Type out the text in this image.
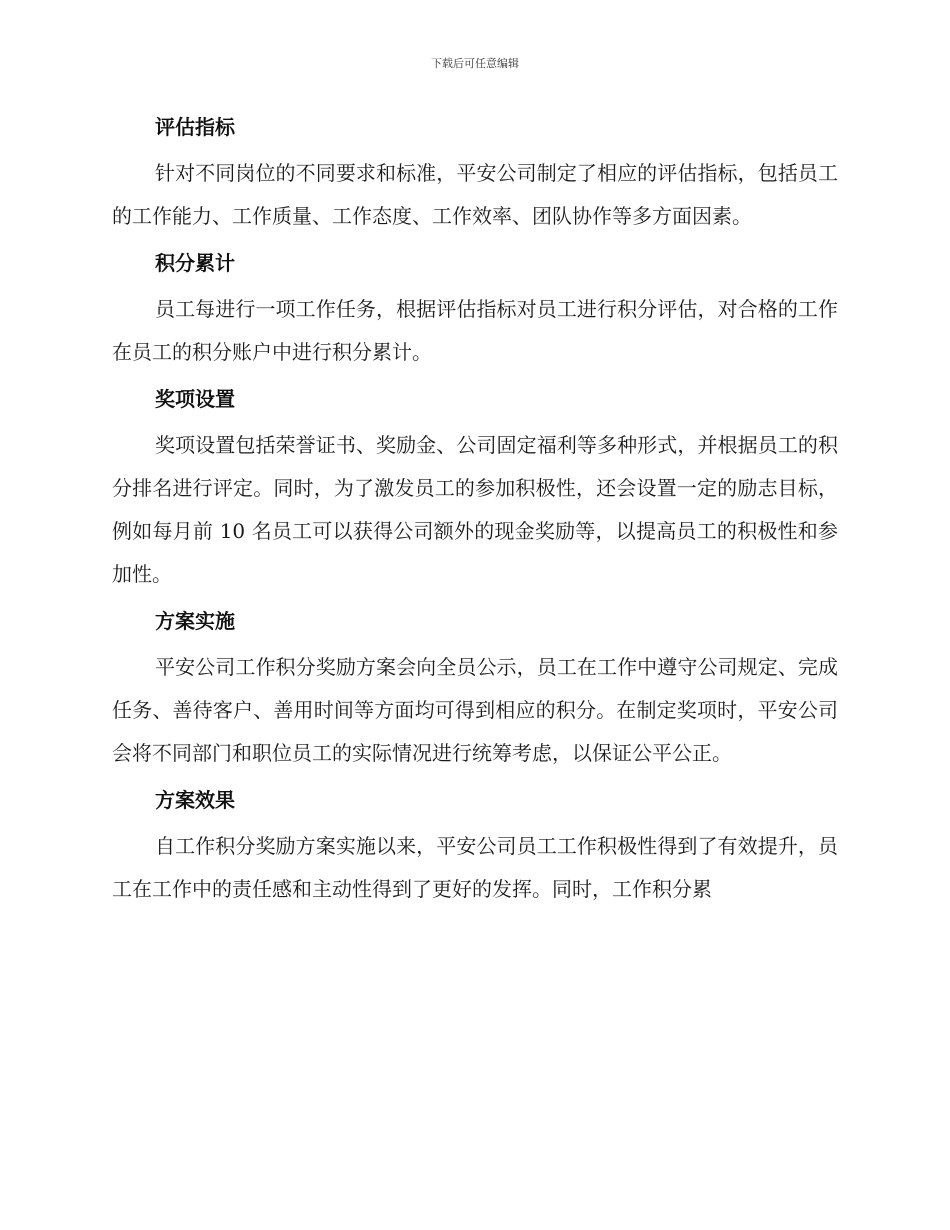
下载后可任意编辑
评估指标

针对不同岗位的不同要求和标准，平安公司制定了相应的评估指标，包括员工的工作能力、工作质量、工作态度、工作效率、团队协作等多方面因素。

积分累计

员工每进行一项工作任务，根据评估指标对员工进行积分评估，对合格的工作在员工的积分账户中进行积分累计。

奖项设置

奖项设置包括荣誉证书、奖励金、公司固定福利等多种形式，并根据员工的积分排名进行评定。同时，为了激发员工的参加积极性，还会设置一定的励志目标，例如每月前 10 名员工可以获得公司额外的现金奖励等，以提高员工的积极性和参加性。

方案实施

平安公司工作积分奖励方案会向全员公示，员工在工作中遵守公司规定、完成任务、善待客户、善用时间等方面均可得到相应的积分。在制定奖项时，平安公司会将不同部门和职位员工的实际情况进行统筹考虑，以保证公平公正。

方案效果

自工作积分奖励方案实施以来，平安公司员工工作积极性得到了有效提升，员工在工作中的责任感和主动性得到了更好的发挥。同时，工作积分累
